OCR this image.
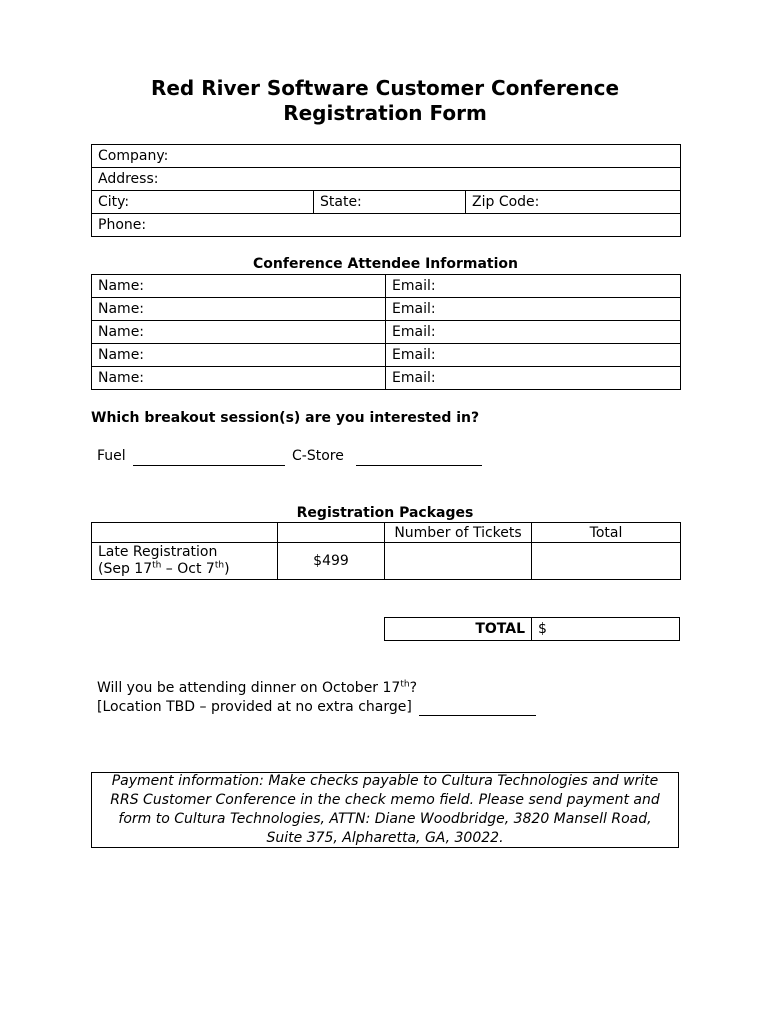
Red River Software Customer Conference
Registration Form
Company:
Address:
City:	State:	Zip Code:
Phone:
Conference Attendee Information
Name:	Email:
Name:	Email:
Name:	Email:
Name:	Email:
Name:	Email:
Which breakout session(s) are you interested in?
Fuel	C-Store
Registration Packages
		Number of Tickets	Total

Late Registration
(Sep 17th – Oct 7th)	$499		
TOTAL	$
Will you be attending dinner on October 17th?
[Location TBD – provided at no extra charge]
Payment information: Make checks payable to Cultura Technologies and write RRS Customer Conference in the check memo field. Please send payment and form to Cultura Technologies, ATTN: Diane Woodbridge, 3820 Mansell Road, Suite 375, Alpharetta, GA, 30022.
